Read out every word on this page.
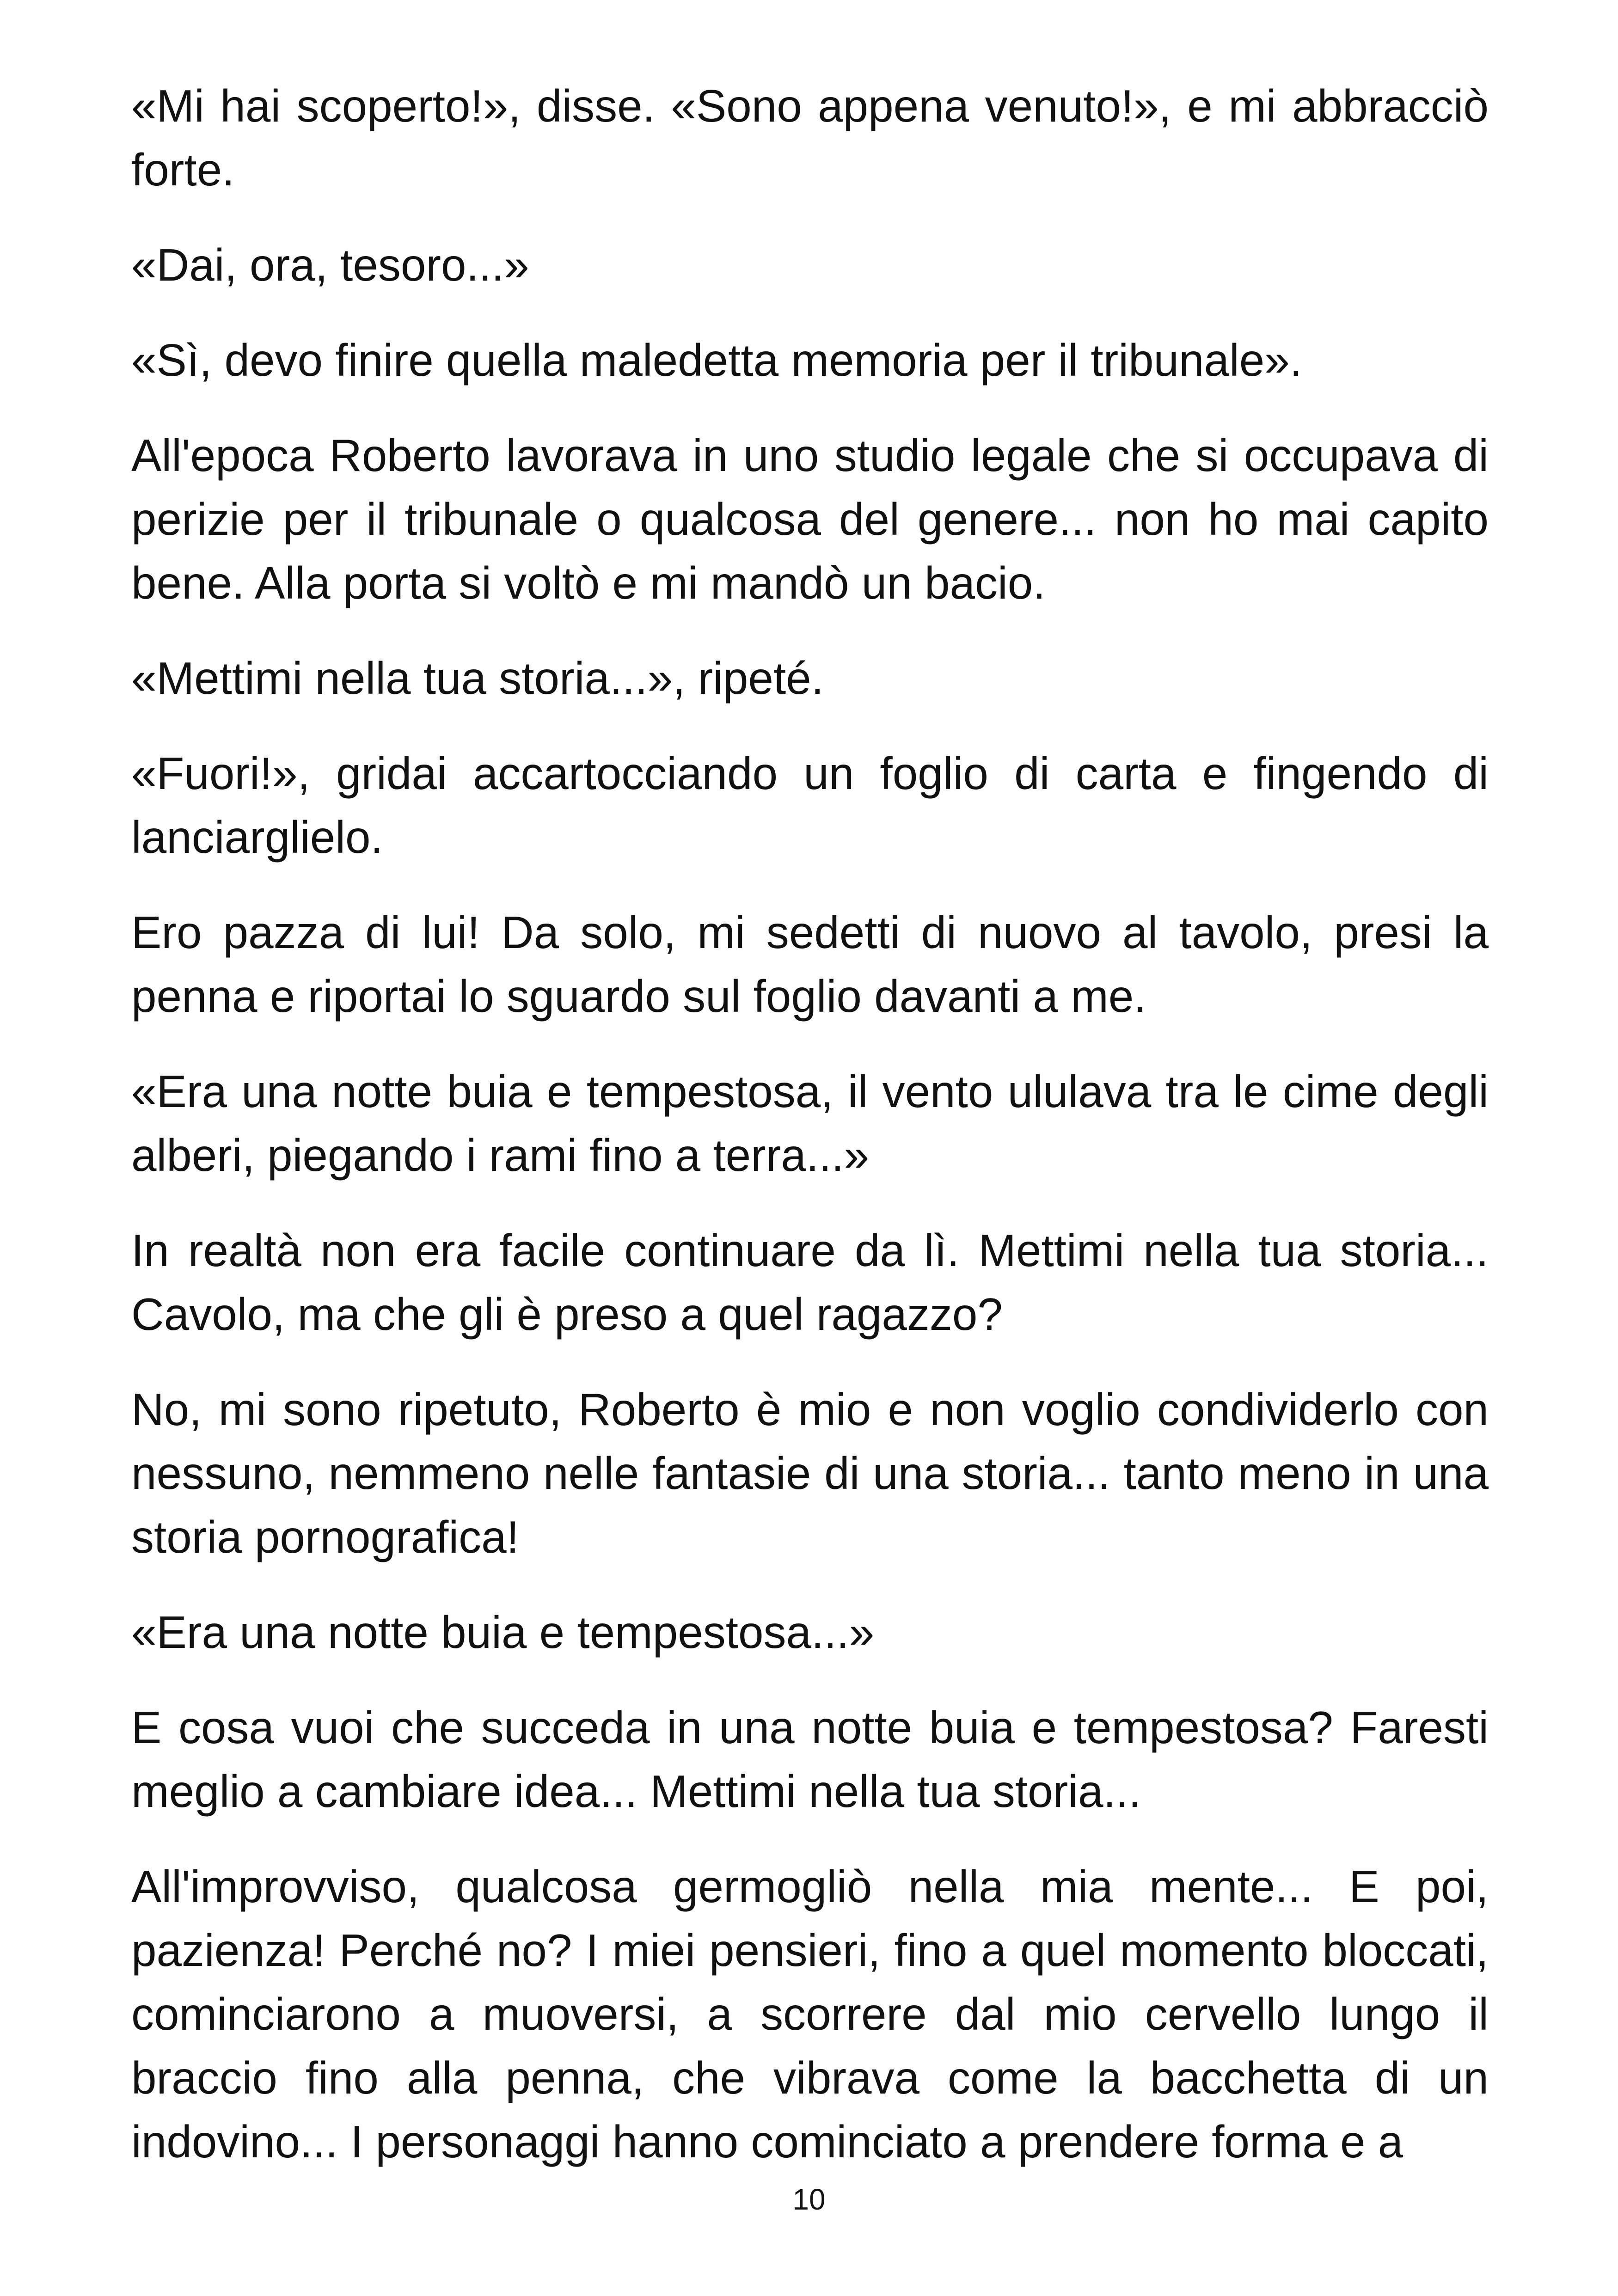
«Mi hai scoperto!», disse. «Sono appena venuto!», e mi abbracciò forte.

«Dai, ora, tesoro...»

«Sì, devo finire quella maledetta memoria per il tribunale».

All'epoca Roberto lavorava in uno studio legale che si occupava di perizie per il tribunale o qualcosa del genere... non ho mai capito bene. Alla porta si voltò e mi mandò un bacio.

«Mettimi nella tua storia...», ripeté.

«Fuori!», gridai accartocciando un foglio di carta e fingendo di lanciarglielo.

Ero pazza di lui! Da solo, mi sedetti di nuovo al tavolo, presi la penna e riportai lo sguardo sul foglio davanti a me.

«Era una notte buia e tempestosa, il vento ululava tra le cime degli alberi, piegando i rami fino a terra...»

In realtà non era facile continuare da lì. Mettimi nella tua storia... Cavolo, ma che gli è preso a quel ragazzo?

No, mi sono ripetuto, Roberto è mio e non voglio condividerlo con nessuno, nemmeno nelle fantasie di una storia... tanto meno in una storia pornografica!

«Era una notte buia e tempestosa...»

E cosa vuoi che succeda in una notte buia e tempestosa? Faresti meglio a cambiare idea... Mettimi nella tua storia...

All'improvviso, qualcosa germogliò nella mia mente... E poi, pazienza! Perché no? I miei pensieri, fino a quel momento bloccati, cominciarono a muoversi, a scorrere dal mio cervello lungo il braccio fino alla penna, che vibrava come la bacchetta di un indovino... I personaggi hanno cominciato a prendere forma e a

10
